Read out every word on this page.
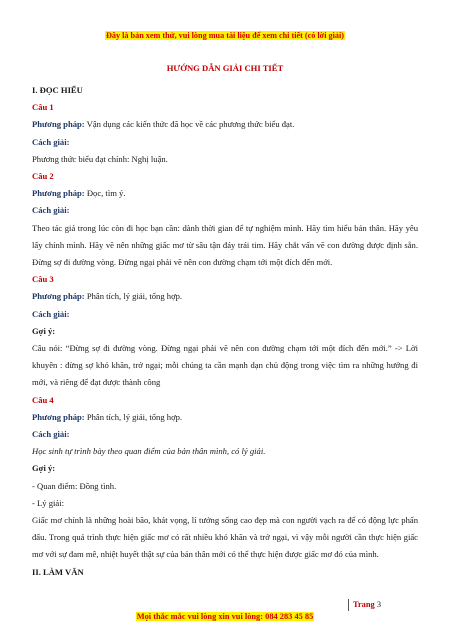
Đây là bản xem thử, vui lòng mua tài liệu để xem chi tiết (có lời giải)
HƯỚNG DẪN GIẢI CHI TIẾT

I. ĐỌC HIỂU

Câu 1

Phương pháp: Vận dụng các kiến thức đã học về các phương thức biểu đạt.

Cách giải:

Phương thức biểu đạt chính: Nghị luận.

Câu 2

Phương pháp: Đọc, tìm ý.

Cách giải:

Theo tác giả trong lúc còn đi học bạn cần: dành thời gian để tự nghiệm mình. Hãy tìm hiểu bản thân. Hãy yêu lấy chính mình. Hãy vẽ nên những giấc mơ từ sâu tận đáy trái tim. Hãy chắt vấn vẽ con đường được định sẵn. Đừng sợ đi đường vòng. Đừng ngại phải vẽ nên con đường chạm tới một đích đến mới.

Câu 3

Phương pháp: Phân tích, lý giải, tổng hợp.

Cách giải:

Gợi ý:

Câu nói: “Đừng sợ đi đường vòng. Đừng ngại phải vẽ nên con đường chạm tới một đích đến mới.” -> Lời khuyên : đừng sợ khó khăn, trở ngại; mỗi chúng ta cần mạnh dạn chủ động trong việc tìm ra những hướng đi mới, và riêng để đạt được thành công

Câu 4

Phương pháp: Phân tích, lý giải, tổng hợp.

Cách giải:

Học sinh tự trình bày theo quan điểm của bản thân mình, có lý giải.

Gợi ý:

- Quan điểm: Đồng tình.

- Lý giải:

Giấc mơ chính là những hoài bão, khát vọng, lí tưởng sống cao đẹp mà con người vạch ra để có động lực phấn đấu. Trong quá trình thực hiện giấc mơ có rất nhiều khó khăn và trở ngại, vì vậy mỗi người cần thực hiện giấc mơ với sự đam mê, nhiệt huyết thật sự của bản thân mới có thể thực hiện được giấc mơ đó của mình.

II. LÀM VĂN

Trang 3
Mọi thắc mắc vui lòng xin vui lòng: 084 283 45 85
